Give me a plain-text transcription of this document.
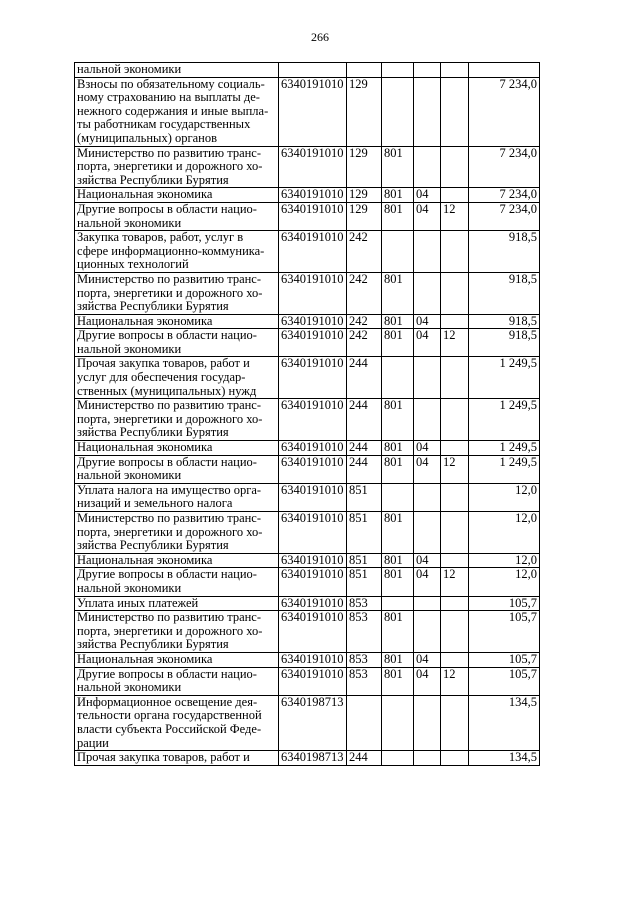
266
нальной экономики						
Взносы по обязательному социаль- ному страхованию на выплаты де- нежного содержания и иные выпла- ты работникам государственных (муниципальных) органов	6340191010	129				7 234,0
Министерство по развитию транс- порта, энергетики и дорожного хо- зяйства Республики Бурятия	6340191010	129	801			7 234,0
Национальная экономика	6340191010	129	801	04		7 234,0
Другие вопросы в области нацио- нальной экономики	6340191010	129	801	04	12	7 234,0
Закупка товаров, работ, услуг в сфере информационно-коммуника- ционных технологий	6340191010	242				918,5
Министерство по развитию транс- порта, энергетики и дорожного хо- зяйства Республики Бурятия	6340191010	242	801			918,5
Национальная экономика	6340191010	242	801	04		918,5
Другие вопросы в области нацио- нальной экономики	6340191010	242	801	04	12	918,5
Прочая закупка товаров, работ и услуг для обеспечения государ- ственных (муниципальных) нужд	6340191010	244				1 249,5
Министерство по развитию транс- порта, энергетики и дорожного хо- зяйства Республики Бурятия	6340191010	244	801			1 249,5
Национальная экономика	6340191010	244	801	04		1 249,5
Другие вопросы в области нацио- нальной экономики	6340191010	244	801	04	12	1 249,5
Уплата налога на имущество орга- низаций и земельного налога	6340191010	851				12,0
Министерство по развитию транс- порта, энергетики и дорожного хо- зяйства Республики Бурятия	6340191010	851	801			12,0
Национальная экономика	6340191010	851	801	04		12,0
Другие вопросы в области нацио- нальной экономики	6340191010	851	801	04	12	12,0
Уплата иных платежей	6340191010	853				105,7
Министерство по развитию транс- порта, энергетики и дорожного хо- зяйства Республики Бурятия	6340191010	853	801			105,7
Национальная экономика	6340191010	853	801	04		105,7
Другие вопросы в области нацио- нальной экономики	6340191010	853	801	04	12	105,7
Информационное освещение дея- тельности органа государственной власти субъекта Российской Феде- рации	6340198713					134,5
Прочая закупка товаров, работ и	6340198713	244				134,5
